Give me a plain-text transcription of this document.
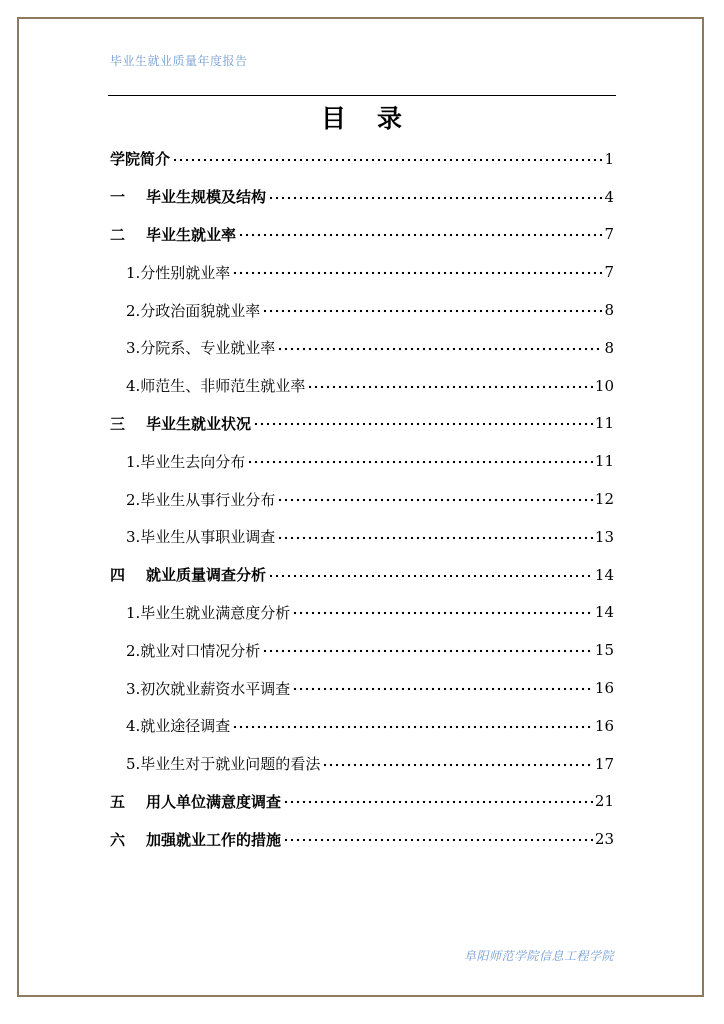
毕业生就业质量年度报告
目 录
学院简介	1
一	毕业生规模及结构	4
二	毕业生就业率	7
1.分性别就业率	7
2.分政治面貌就业率	8
3.分院系、专业就业率	8
4.师范生、非师范生就业率	10
三	毕业生就业状况	11
1.毕业生去向分布	11
2.毕业生从事行业分布	12
3.毕业生从事职业调查	13
四	就业质量调查分析	14
1.毕业生就业满意度分析	14
2.就业对口情况分析	15
3.初次就业薪资水平调查	16
4.就业途径调查	16
5.毕业生对于就业问题的看法	17
五	用人单位满意度调查	21
六	加强就业工作的措施	23
阜阳师范学院信息工程学院
